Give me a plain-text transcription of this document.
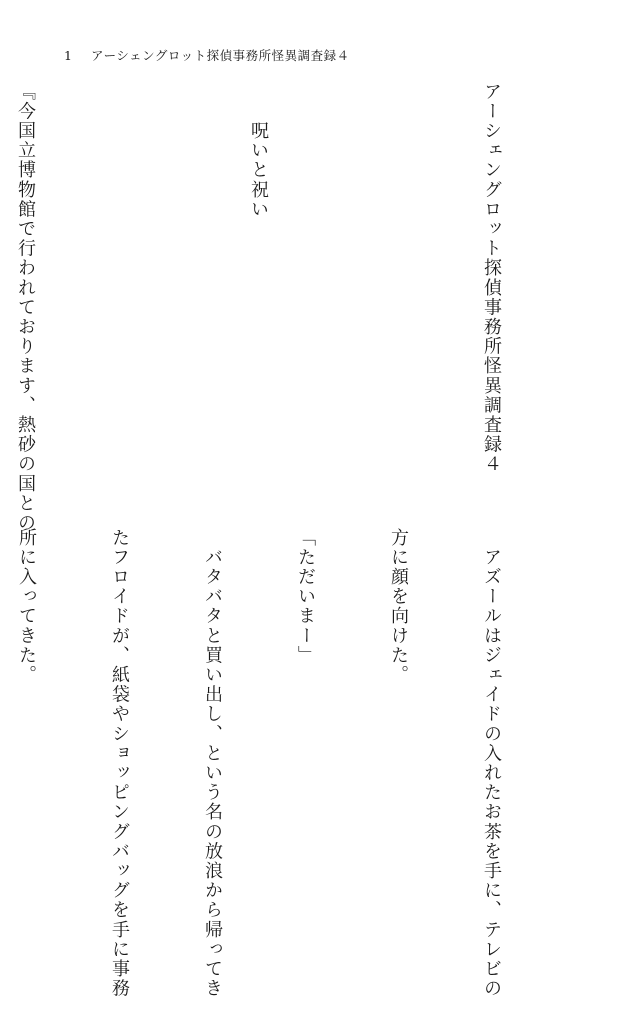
1 アーシェングロット探偵事務所怪異調査録４

アーシェングロット探偵事務所怪異調査録４

　　呪いと祝い

『今国立博物館で行われております、熱砂の国との

　アズールはジェイドの入れたお茶を手に、テレビの

方に顔を向けた。

「ただいまー」

　バタバタと買い出し、という名の放浪から帰ってき

たフロイドが、紙袋やショッピングバッグを手に事務

所に入ってきた。
